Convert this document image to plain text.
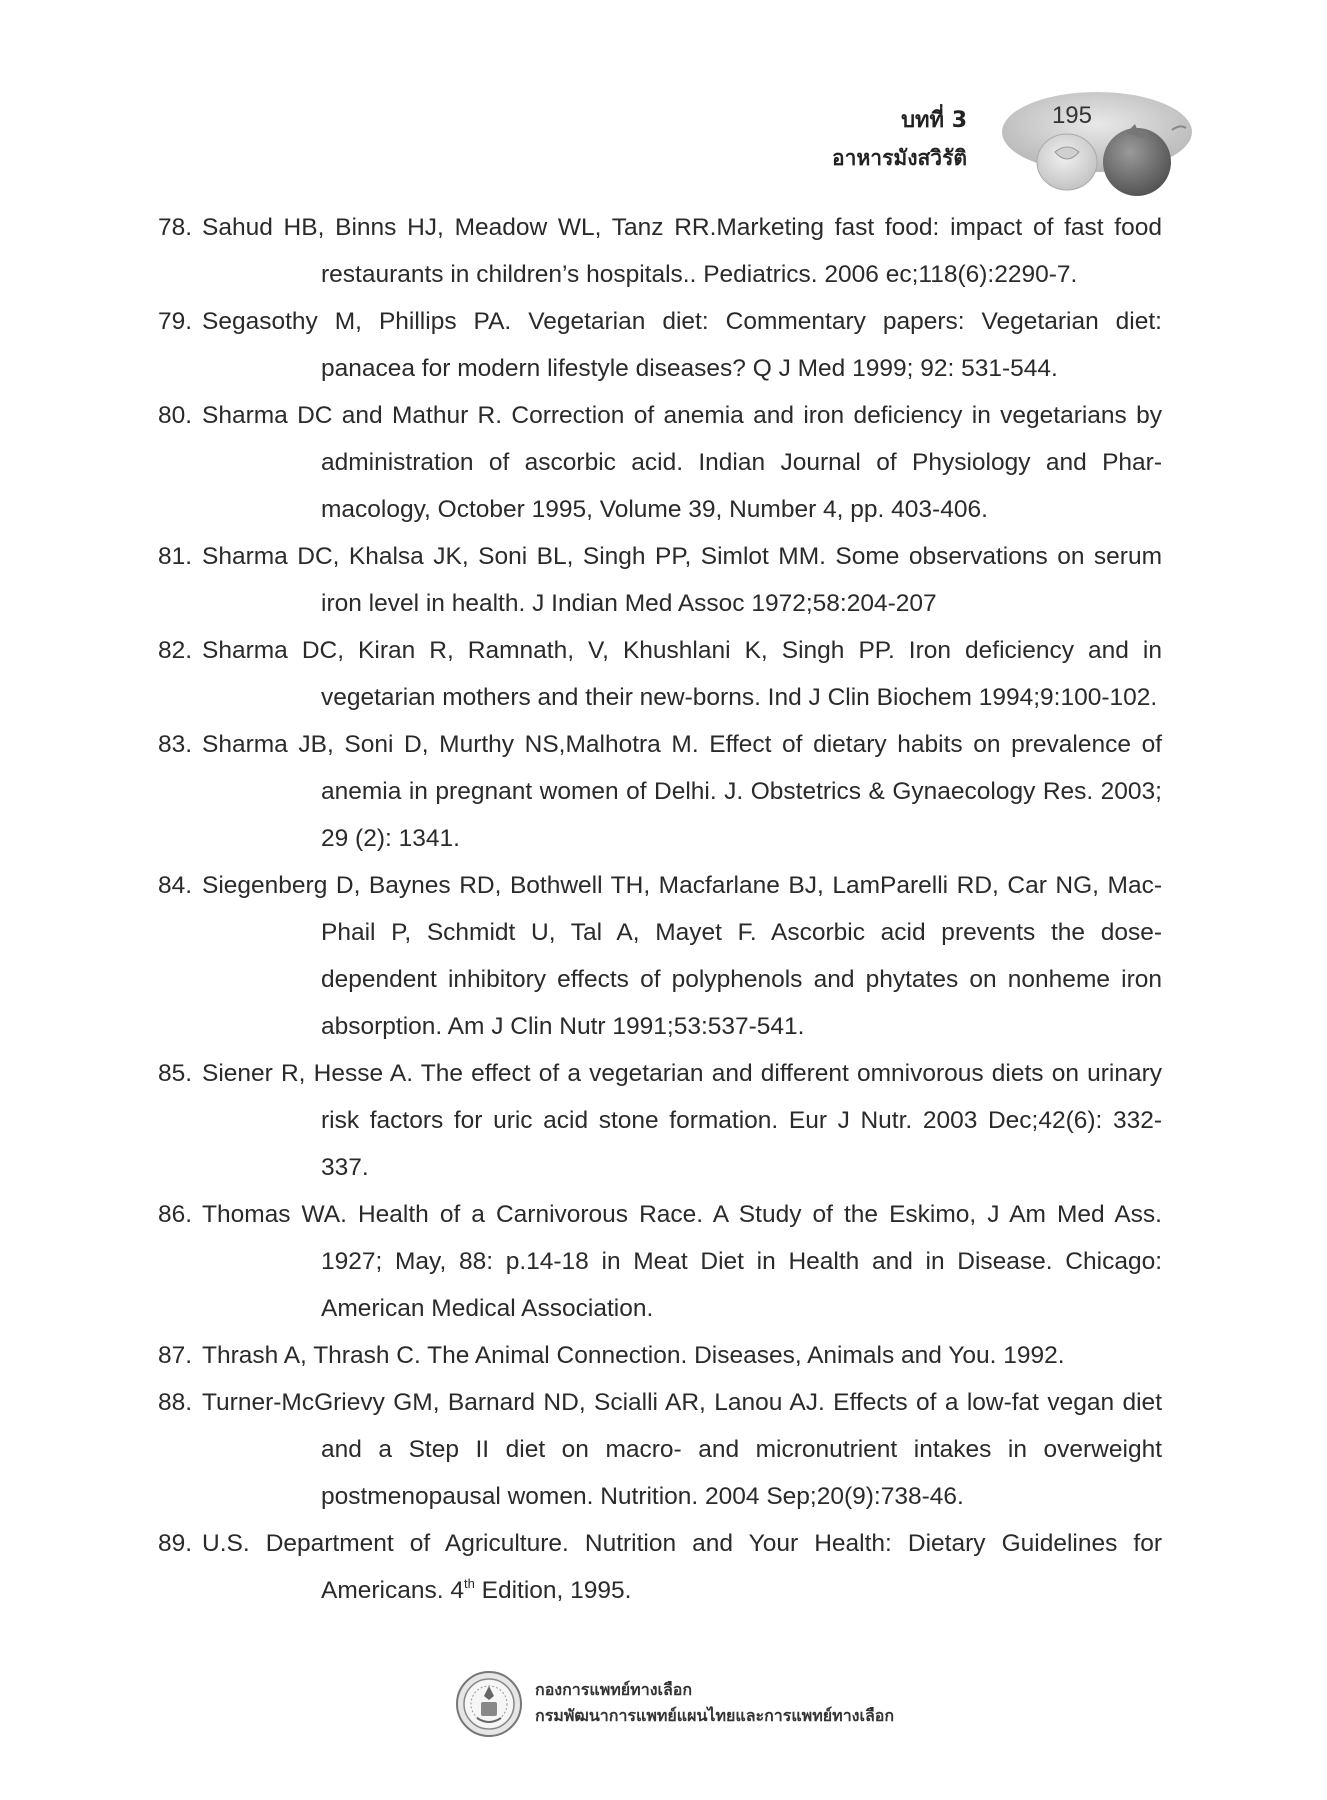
บทที่ 3
อาหารมังสวิรัติ
195

78. Sahud HB, Binns HJ, Meadow WL, Tanz RR.Marketing fast food: impact of fast food restaurants in children’s hospitals.. Pediatrics. 2006 ec;118(6):2290-7.

79. Segasothy M, Phillips PA. Vegetarian diet: Commentary papers: Vegetarian diet: panacea for modern lifestyle diseases? Q J Med 1999; 92: 531-544.

80. Sharma DC and Mathur R. Correction of anemia and iron deficiency in vegetarians by administration of ascorbic acid. Indian Journal of Physiology and Phar-macology, October 1995, Volume 39, Number 4, pp. 403-406.

81. Sharma DC, Khalsa JK, Soni BL, Singh PP, Simlot MM. Some observations on serum iron level in health. J Indian Med Assoc 1972;58:204-207

82. Sharma DC, Kiran R, Ramnath, V, Khushlani K, Singh PP. Iron deficiency and in vegetarian mothers and their new-borns. Ind J Clin Biochem 1994;9:100-102.

83. Sharma JB, Soni D, Murthy NS,Malhotra M. Effect of dietary habits on prevalence of anemia in pregnant women of Delhi. J. Obstetrics & Gynaecology Res. 2003; 29 (2): 1341.

84. Siegenberg D, Baynes RD, Bothwell TH, Macfarlane BJ, LamParelli RD, Car NG, Mac-Phail P, Schmidt U, Tal A, Mayet F. Ascorbic acid prevents the dose-dependent inhibitory effects of polyphenols and phytates on nonheme iron absorption. Am J Clin Nutr 1991;53:537-541.

85. Siener R, Hesse A. The effect of a vegetarian and different omnivorous diets on urinary risk factors for uric acid stone formation. Eur J Nutr. 2003 Dec;42(6): 332-337.

86. Thomas WA. Health of a Carnivorous Race. A Study of the Eskimo, J Am Med Ass. 1927; May, 88: p.14-18 in Meat Diet in Health and in Disease. Chicago: American Medical Association.

87. Thrash A, Thrash C. The Animal Connection. Diseases, Animals and You. 1992.

88. Turner-McGrievy GM, Barnard ND, Scialli AR, Lanou AJ. Effects of a low-fat vegan diet and a Step II diet on macro- and micronutrient intakes in overweight postmenopausal women. Nutrition. 2004 Sep;20(9):738-46.

89. U.S. Department of Agriculture. Nutrition and Your Health: Dietary Guidelines for Americans. 4th Edition, 1995.

กองการแพทย์ทางเลือก
กรมพัฒนาการแพทย์แผนไทยและการแพทย์ทางเลือก
